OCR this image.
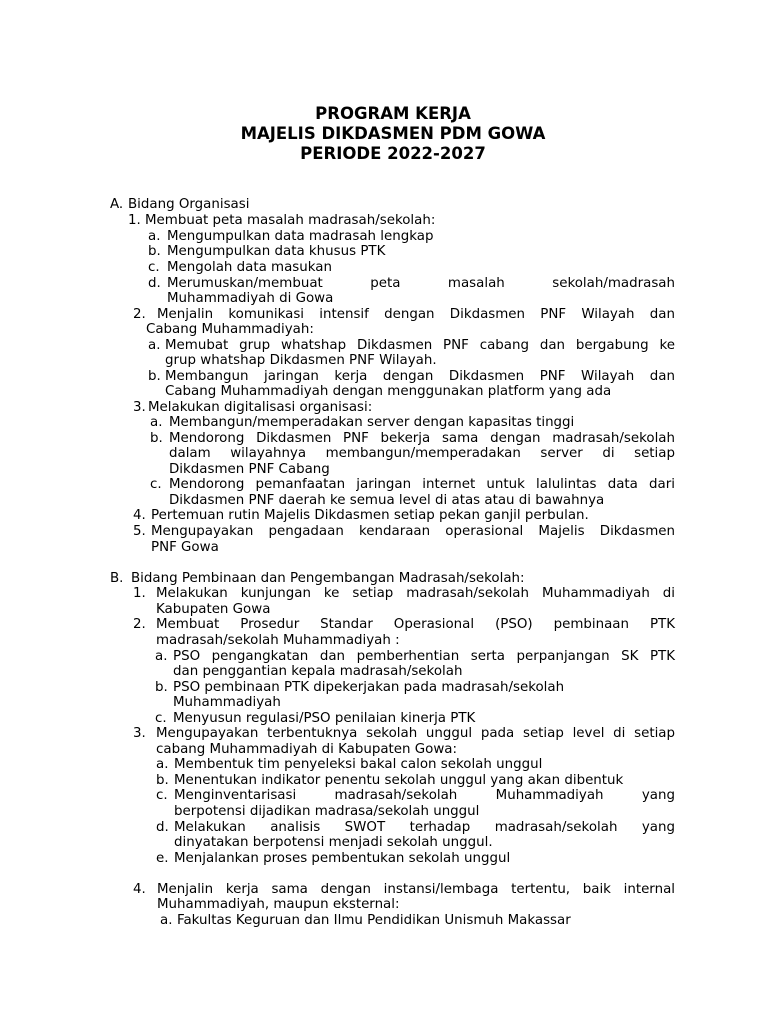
PROGRAM KERJA

MAJELIS DIKDASMEN PDM GOWA

PERIODE 2022-2027

A. Bidang Organisasi
1. Membuat peta masalah madrasah/sekolah:
a. Mengumpulkan data madrasah lengkap
b. Mengumpulkan data khusus PTK
c. Mengolah data masukan
d. Merumuskan/membuat peta masalah sekolah/madrasah
Muhammadiyah di Gowa
2. Menjalin komunikasi intensif dengan Dikdasmen PNF Wilayah dan
Cabang Muhammadiyah:
a. Memubat grup whatshap Dikdasmen PNF cabang dan bergabung ke
grup whatshap Dikdasmen PNF Wilayah.
b. Membangun jaringan kerja dengan Dikdasmen PNF Wilayah dan
Cabang Muhammadiyah dengan menggunakan platform yang ada
3. Melakukan digitalisasi organisasi:
a. Membangun/memperadakan server dengan kapasitas tinggi
b. Mendorong Dikdasmen PNF bekerja sama dengan madrasah/sekolah
dalam wilayahnya membangun/memperadakan server di setiap
Dikdasmen PNF Cabang
c. Mendorong pemanfaatan jaringan internet untuk lalulintas data dari
Dikdasmen PNF daerah ke semua level di atas atau di bawahnya
4. Pertemuan rutin Majelis Dikdasmen setiap pekan ganjil perbulan.
5. Mengupayakan pengadaan kendaraan operasional Majelis Dikdasmen
PNF Gowa
B. Bidang Pembinaan dan Pengembangan Madrasah/sekolah:
1. Melakukan kunjungan ke setiap madrasah/sekolah Muhammadiyah di
Kabupaten Gowa
2. Membuat Prosedur Standar Operasional (PSO) pembinaan PTK
madrasah/sekolah Muhammadiyah :
a. PSO pengangkatan dan pemberhentian serta perpanjangan SK PTK
dan penggantian kepala madrasah/sekolah
b. PSO pembinaan PTK dipekerjakan pada madrasah/sekolah
Muhammadiyah
c. Menyusun regulasi/PSO penilaian kinerja PTK
3. Mengupayakan terbentuknya sekolah unggul pada setiap level di setiap
cabang Muhammadiyah di Kabupaten Gowa:
a. Membentuk tim penyeleksi bakal calon sekolah unggul
b. Menentukan indikator penentu sekolah unggul yang akan dibentuk
c. Menginventarisasi madrasah/sekolah Muhammadiyah yang
berpotensi dijadikan madrasa/sekolah unggul
d. Melakukan analisis SWOT terhadap madrasah/sekolah yang
dinyatakan berpotensi menjadi sekolah unggul.
e. Menjalankan proses pembentukan sekolah unggul
4. Menjalin kerja sama dengan instansi/lembaga tertentu, baik internal
Muhammadiyah, maupun eksternal:
a. Fakultas Keguruan dan Ilmu Pendidikan Unismuh Makassar
